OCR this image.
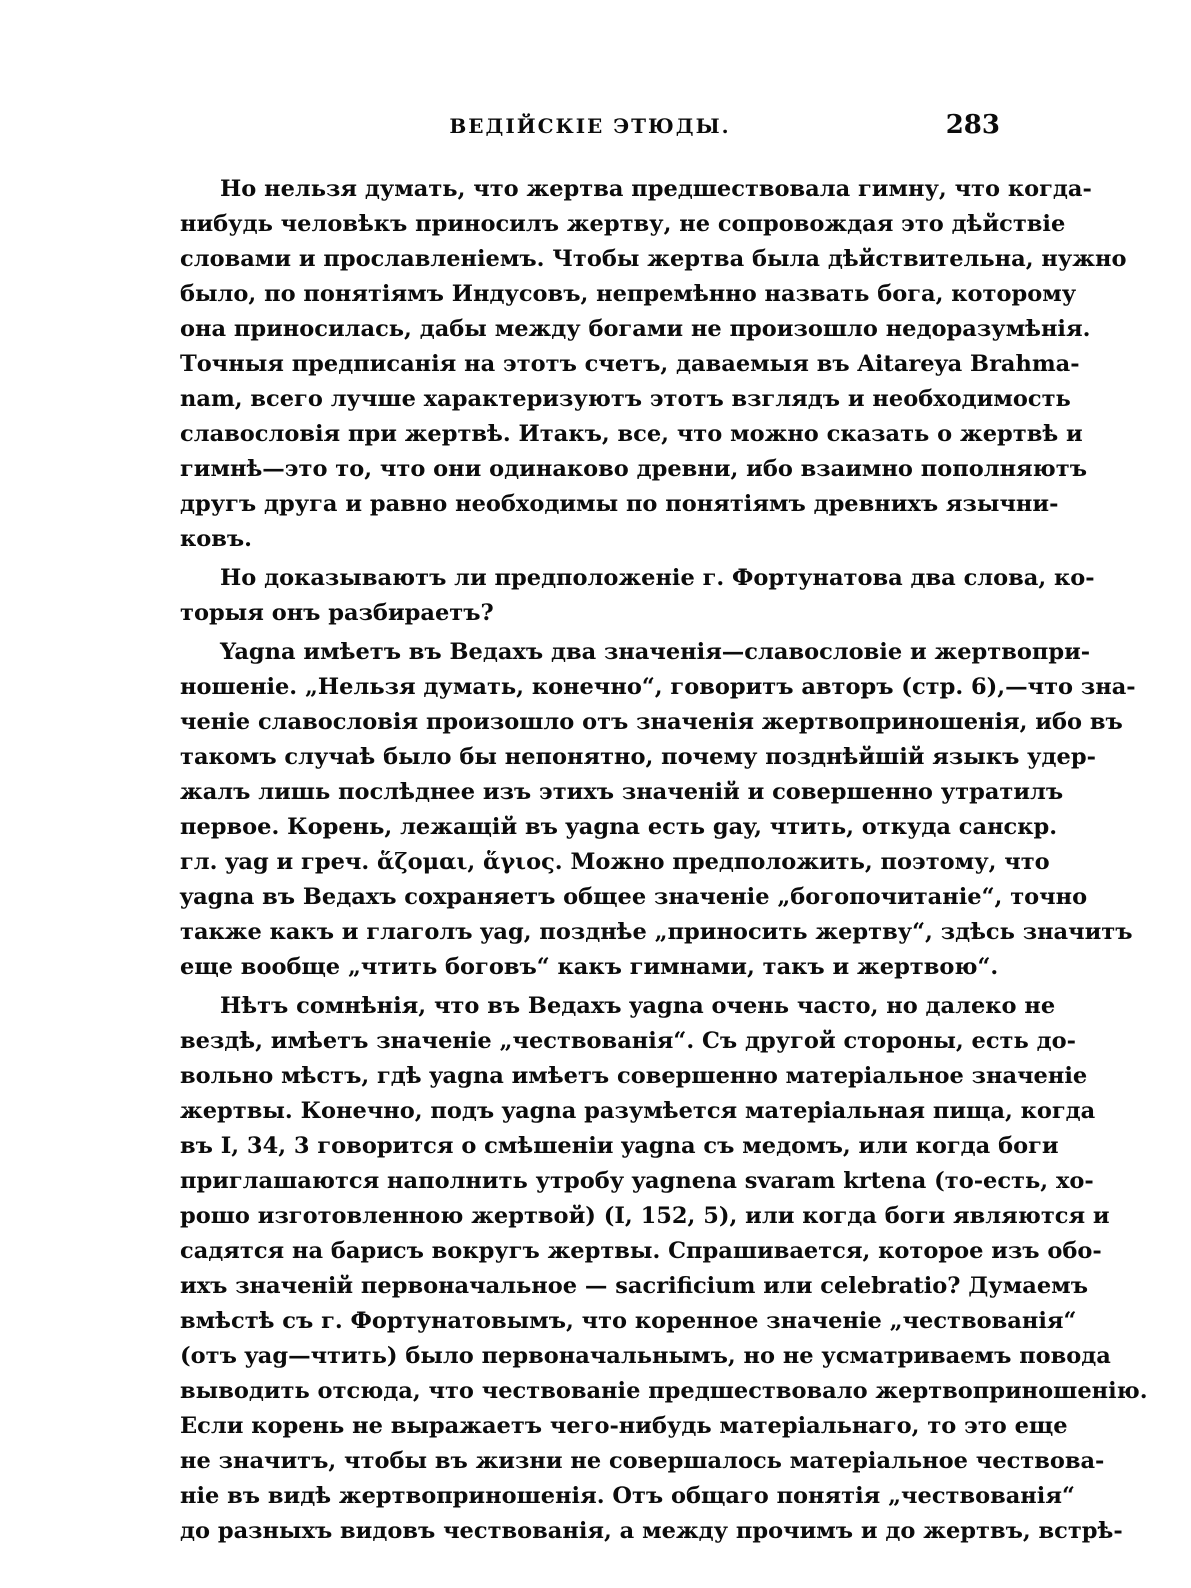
ВЕДІЙСКІЕ ЭТЮДЫ.	283
Но нельзя думать, что жертва предшествовала гимну, что когда-
нибудь человѣкъ приносилъ жертву, не сопровождая это дѣйствіе
словами и прославленіемъ. Чтобы жертва была дѣйствительна, нужно
было, по понятіямъ Индусовъ, непремѣнно назвать бога, которому
она приносилась, дабы между богами не произошло недоразумѣнія.
Точныя предписанія на этотъ счетъ, даваемыя въ Aitareya Brahma-
nam, всего лучше характеризуютъ этотъ взглядъ и необходимость
славословія при жертвѣ. Итакъ, все, что можно сказать о жертвѣ и
гимнѣ—это то, что они одинаково древни, ибо взаимно пополняютъ
другъ друга и равно необходимы по понятіямъ древнихъ язычни-
ковъ.
Но доказываютъ ли предположеніе г. Фортунатова два слова, ко-
торыя онъ разбираетъ?
Yagna имѣетъ въ Ведахъ два значенія—славословіе и жертвопри-
ношеніе. „Нельзя думать, конечно“, говоритъ авторъ (стр. 6),—что зна-
ченіе славословія произошло отъ значенія жертвоприношенія, ибо въ
такомъ случаѣ было бы непонятно, почему позднѣйшій языкъ удер-
жалъ лишь послѣднее изъ этихъ значеній и совершенно утратилъ
первое. Корень, лежащій въ yagna есть gay, чтить, откуда санскр.
гл. yag и греч. ἅζομαι, ἅγιος. Можно предположить, поэтому, что
yagna въ Ведахъ сохраняетъ общее значеніе „богопочитаніе“, точно
также какъ и глаголъ yag, позднѣе „приносить жертву“, здѣсь значитъ
еще вообще „чтить боговъ“ какъ гимнами, такъ и жертвою“.
Нѣтъ сомнѣнія, что въ Ведахъ yagna очень часто, но далеко не
вездѣ, имѣетъ значеніе „чествованія“. Съ другой стороны, есть до-
вольно мѣстъ, гдѣ yagna имѣетъ совершенно матеріальное значеніе
жертвы. Конечно, подъ yagna разумѣется матеріальная пища, когда
въ I, 34, 3 говорится о смѣшеніи yagna съ медомъ, или когда боги
приглашаются наполнить утробу yagnena svaram krtena (то-есть, хо-
рошо изготовленною жертвой) (I, 152, 5), или когда боги являются и
садятся на барисъ вокругъ жертвы. Спрашивается, которое изъ обо-
ихъ значеній первоначальное — sacrificium или celebratio? Думаемъ
вмѣстѣ съ г. Фортунатовымъ, что коренное значеніе „чествованія“
(отъ yag—чтить) было первоначальнымъ, но не усматриваемъ повода
выводить отсюда, что чествованіе предшествовало жертвоприношенію.
Если корень не выражаетъ чего-нибудь матеріальнаго, то это еще
не значитъ, чтобы въ жизни не совершалось матеріальное чествова-
ніе въ видѣ жертвоприношенія. Отъ общаго понятія „чествованія“
до разныхъ видовъ чествованія, а между прочимъ и до жертвъ, встрѣ-
